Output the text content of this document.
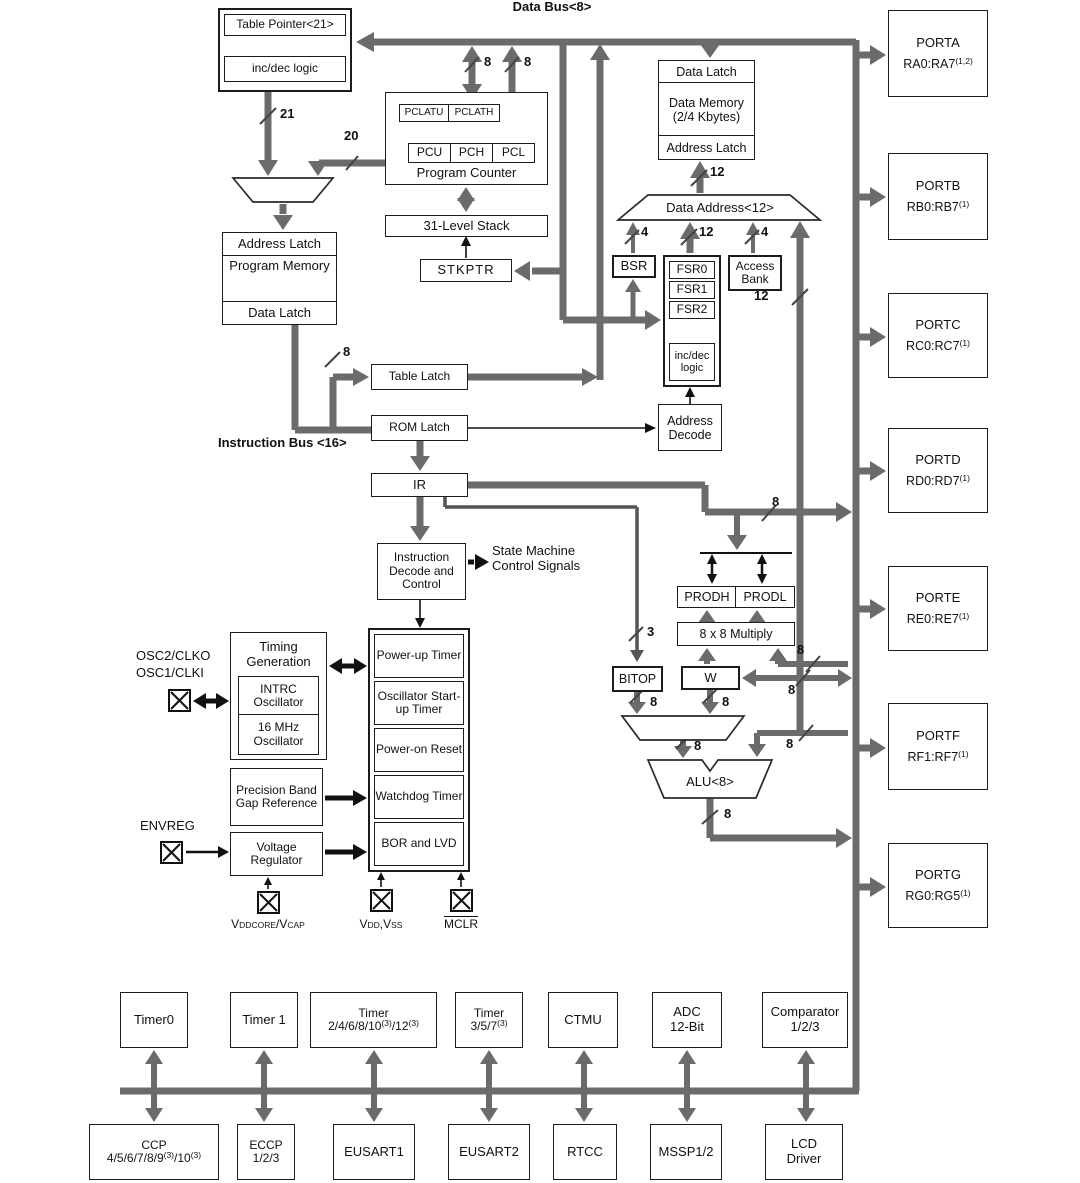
Data Bus<8>
Instruction Bus <16>
Table Pointer<21>
inc/dec logic
PCLATU	PCLATH
PCU	PCH	PCL
Program Counter
31-Level Stack
STKPTR
Address Latch
Program Memory
Data Latch
Data Latch
Data Memory
(2/4 Kbytes)
Address Latch
Data Address<12>
BSR	FSR0
FSR1
FSR2
inc/dec logic
Access Bank
Address Decode
Table Latch
ROM Latch
IR
Instruction Decode and Control
State Machine Control Signals
PRODH	PRODL
8 x 8 Multiply
BITOP	W
ALU<8>
Timing Generation
INTRC Oscillator
16 MHz Oscillator
Power-up Timer
Oscillator Start-up Timer
Power-on Reset
Watchdog Timer
BOR and LVD
Precision Band Gap Reference
Voltage Regulator
OSC2/CLKO
OSC1/CLKI
ENVREG
VDDCORE/VCAP	VDD,VSS	MCLR
PORTA
RA0:RA7$^{(1,2)}$
PORTB
RB0:RB7$^{(1)}$
PORTC
RC0:RC7$^{(1)}$
PORTD
RD0:RD7$^{(1)}$
PORTE
RE0:RE7$^{(1)}$
PORTF
RF1:RF7$^{(1)}$
PORTG
RG0:RG5$^{(1)}$
Timer0	Timer 1	Timer
2/4/6/8/10$^{(3)}$/12$^{(3)}$
Timer
3/5/7$^{(3)}$	CTMU	ADC
12-Bit
Comparator
1/2/3
CCP
4/5/6/7/8/9$^{(3)}$/10$^{(3)}$
ECCP
1/2/3	EUSART1	EUSART2	RTCC	MSSP1/2	LCD
Driver
21
20
8	8
12
4	12	4
12
8
3
8
8
8
8	8
8	8
8
